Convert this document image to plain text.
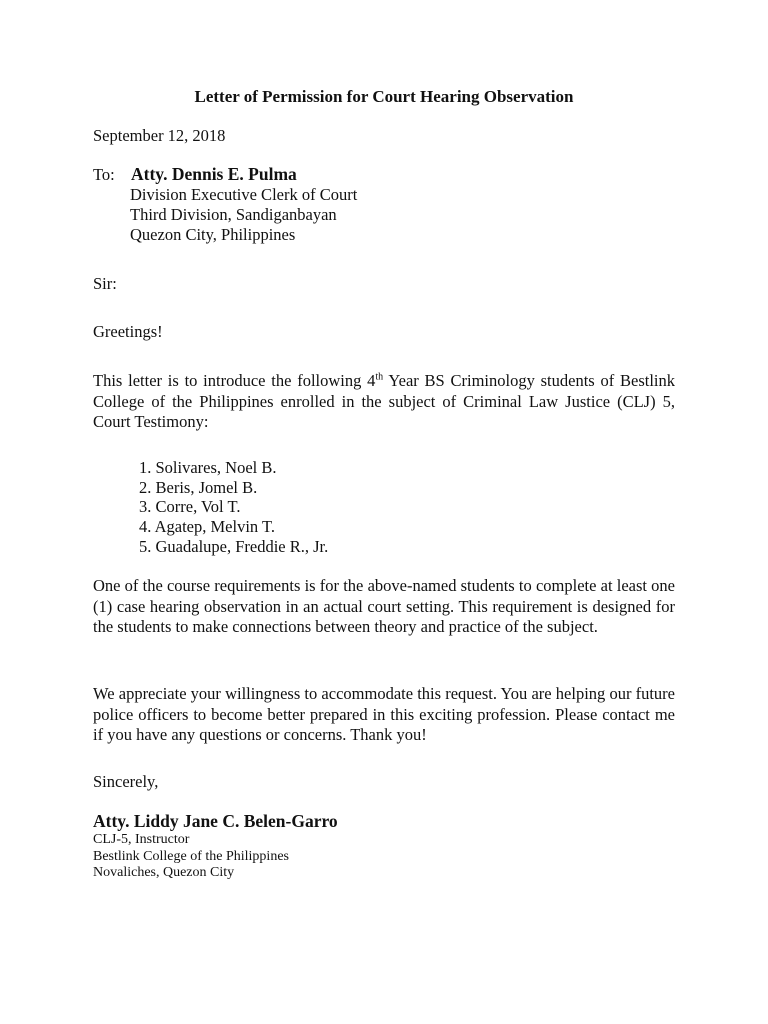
Letter of Permission for Court Hearing Observation
September 12, 2018
To: Atty. Dennis E. Pulma
Division Executive Clerk of Court
Third Division, Sandiganbayan
Quezon City, Philippines
Sir:
Greetings!

This letter is to introduce the following 4th Year BS Criminology students of Bestlink College of the Philippines enrolled in the subject of Criminal Law Justice (CLJ) 5, Court Testimony:

1. Solivares, Noel B.
2. Beris, Jomel B.
3. Corre, Vol T.
4. Agatep, Melvin T.
5. Guadalupe, Freddie R., Jr.

One of the course requirements is for the above-named students to complete at least one (1) case hearing observation in an actual court setting. This requirement is designed for the students to make connections between theory and practice of the subject.

We appreciate your willingness to accommodate this request. You are helping our future police officers to become better prepared in this exciting profession. Please contact me if you have any questions or concerns. Thank you!

Sincerely,
Atty. Liddy Jane C. Belen-Garro
CLJ-5, Instructor
Bestlink College of the Philippines
Novaliches, Quezon City
